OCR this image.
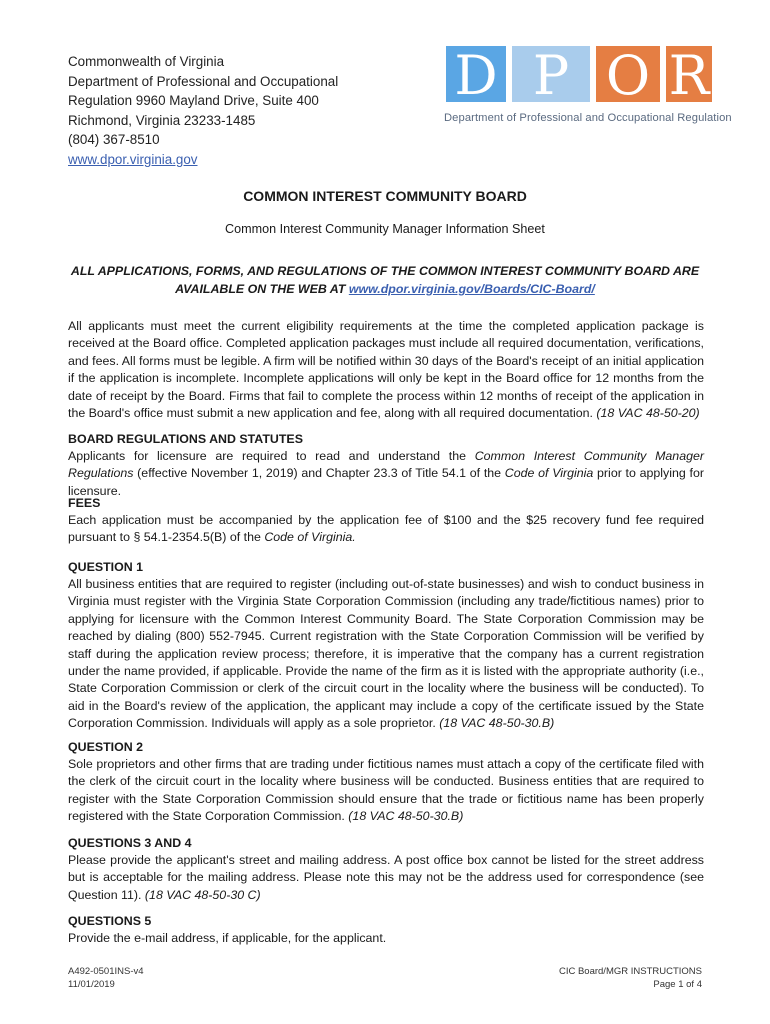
Commonwealth of Virginia
Department of Professional and Occupational
Regulation 9960 Mayland Drive, Suite 400
Richmond, Virginia 23233-1485
(804) 367-8510
www.dpor.virginia.gov
D P O R
Department of Professional and Occupational Regulation
COMMON INTEREST COMMUNITY BOARD
Common Interest Community Manager Information Sheet
ALL APPLICATIONS, FORMS, AND REGULATIONS OF THE COMMON INTEREST COMMUNITY BOARD ARE AVAILABLE ON THE WEB AT www.dpor.virginia.gov/Boards/CIC-Board/
All applicants must meet the current eligibility requirements at the time the completed application package is received at the Board office. Completed application packages must include all required documentation, verifications, and fees. All forms must be legible. A firm will be notified within 30 days of the Board's receipt of an initial application if the application is incomplete. Incomplete applications will only be kept in the Board office for 12 months from the date of receipt by the Board. Firms that fail to complete the process within 12 months of receipt of the application in the Board's office must submit a new application and fee, along with all required documentation. (18 VAC 48-50-20)
BOARD REGULATIONS AND STATUTES
Applicants for licensure are required to read and understand the Common Interest Community Manager Regulations (effective November 1, 2019) and Chapter 23.3 of Title 54.1 of the Code of Virginia prior to applying for licensure.
FEES
Each application must be accompanied by the application fee of $100 and the $25 recovery fund fee required pursuant to § 54.1-2354.5(B) of the Code of Virginia.
QUESTION 1
All business entities that are required to register (including out-of-state businesses) and wish to conduct business in Virginia must register with the Virginia State Corporation Commission (including any trade/fictitious names) prior to applying for licensure with the Common Interest Community Board. The State Corporation Commission may be reached by dialing (800) 552-7945. Current registration with the State Corporation Commission will be verified by staff during the application review process; therefore, it is imperative that the company has a current registration under the name provided, if applicable. Provide the name of the firm as it is listed with the appropriate authority (i.e., State Corporation Commission or clerk of the circuit court in the locality where the business will be conducted). To aid in the Board's review of the application, the applicant may include a copy of the certificate issued by the State Corporation Commission. Individuals will apply as a sole proprietor. (18 VAC 48-50-30.B)
QUESTION 2
Sole proprietors and other firms that are trading under fictitious names must attach a copy of the certificate filed with the clerk of the circuit court in the locality where business will be conducted. Business entities that are required to register with the State Corporation Commission should ensure that the trade or fictitious name has been properly registered with the State Corporation Commission. (18 VAC 48-50-30.B)
QUESTIONS 3 AND 4
Please provide the applicant's street and mailing address. A post office box cannot be listed for the street address but is acceptable for the mailing address. Please note this may not be the address used for correspondence (see Question 11). (18 VAC 48-50-30 C)
QUESTIONS 5
Provide the e-mail address, if applicable, for the applicant.
A492-0501INS-v4
11/01/2019
CIC Board/MGR INSTRUCTIONS
Page 1 of 4
